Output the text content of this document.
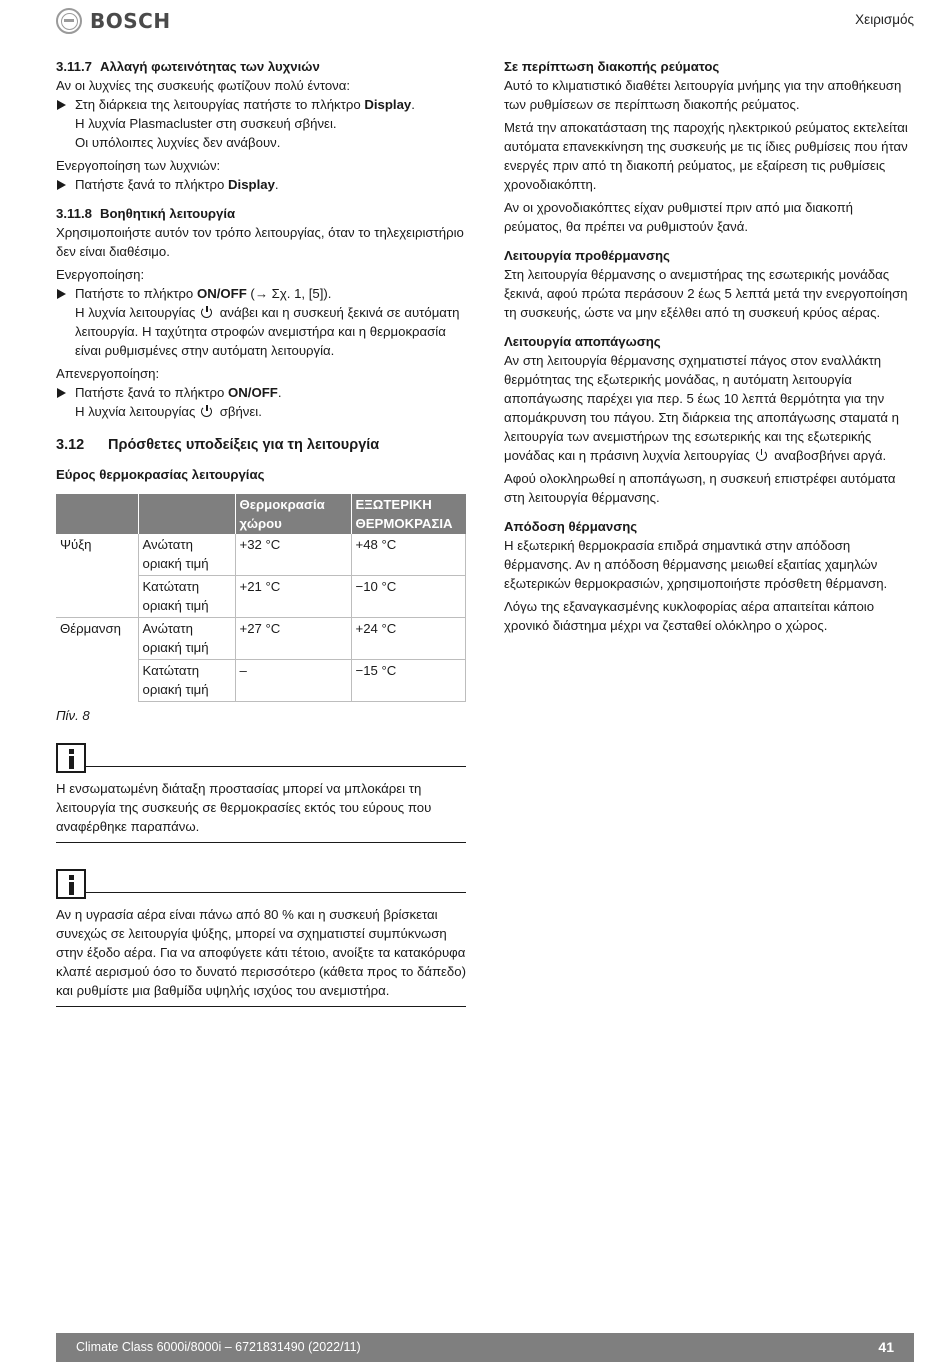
BOSCH	Χειρισμός

3.11.7 Αλλαγή φωτεινότητας των λυχνιών

Αν οι λυχνίες της συσκευής φωτίζουν πολύ έντονα:

Στη διάρκεια της λειτουργίας πατήστε το πλήκτρο Display.

Η λυχνία Plasmacluster στη συσκευή σβήνει.

Οι υπόλοιπες λυχνίες δεν ανάβουν.

Ενεργοποίηση των λυχνιών:

Πατήστε ξανά το πλήκτρο Display.

3.11.8 Βοηθητική λειτουργία

Χρησιμοποιήστε αυτόν τον τρόπο λειτουργίας, όταν το τηλεχειριστήριο δεν είναι διαθέσιμο.

Ενεργοποίηση:

Πατήστε το πλήκτρο ON/OFF (→ Σχ. 1, [5]).

Η λυχνία λειτουργίας  ανάβει και η συσκευή ξεκινά σε αυτόματη λειτουργία. Η ταχύτητα στροφών ανεμιστήρα και η θερμοκρασία είναι ρυθμισμένες στην αυτόματη λειτουργία.

Απενεργοποίηση:

Πατήστε ξανά το πλήκτρο ON/OFF.

Η λυχνία λειτουργίας  σβήνει.

3.12 Πρόσθετες υποδείξεις για τη λειτουργία

Εύρος θερμοκρασίας λειτουργίας

		Θερμοκρασία χώρου	ΕΞΩΤΕΡΙΚΗ ΘΕΡΜΟΚΡΑΣΙΑ
Ψύξη	Ανώτατη οριακή τιμή	+32 °C	+48 °C
	Κατώτατη οριακή τιμή	+21 °C	−10 °C
Θέρμανση	Ανώτατη οριακή τιμή	+27 °C	+24 °C
	Κατώτατη οριακή τιμή	–	−15 °C

Πίν. 8

Η ενσωματωμένη διάταξη προστασίας μπορεί να μπλοκάρει τη λειτουργία της συσκευής σε θερμοκρασίες εκτός του εύρους που αναφέρθηκε παραπάνω.

Αν η υγρασία αέρα είναι πάνω από 80 % και η συσκευή βρίσκεται συνεχώς σε λειτουργία ψύξης, μπορεί να σχηματιστεί συμπύκνωση στην έξοδο αέρα. Για να αποφύγετε κάτι τέτοιο, ανοίξτε τα κατακόρυφα κλαπέ αερισμού όσο το δυνατό περισσότερο (κάθετα προς το δάπεδο) και ρυθμίστε μια βαθμίδα υψηλής ισχύος του ανεμιστήρα.

Σε περίπτωση διακοπής ρεύματος

Αυτό το κλιματιστικό διαθέτει λειτουργία μνήμης για την αποθήκευση των ρυθμίσεων σε περίπτωση διακοπής ρεύματος.

Μετά την αποκατάσταση της παροχής ηλεκτρικού ρεύματος εκτελείται αυτόματα επανεκκίνηση της συσκευής με τις ίδιες ρυθμίσεις που ήταν ενεργές πριν από τη διακοπή ρεύματος, με εξαίρεση τις ρυθμίσεις χρονοδιακόπτη.

Αν οι χρονοδιακόπτες είχαν ρυθμιστεί πριν από μια διακοπή ρεύματος, θα πρέπει να ρυθμιστούν ξανά.

Λειτουργία προθέρμανσης

Στη λειτουργία θέρμανσης ο ανεμιστήρας της εσωτερικής μονάδας ξεκινά, αφού πρώτα περάσουν 2 έως 5 λεπτά μετά την ενεργοποίηση τη συσκευής, ώστε να μην εξέλθει από τη συσκευή κρύος αέρας.

Λειτουργία αποπάγωσης

Αν στη λειτουργία θέρμανσης σχηματιστεί πάγος στον εναλλάκτη θερμότητας της εξωτερικής μονάδας, η αυτόματη λειτουργία αποπάγωσης παρέχει για περ. 5 έως 10 λεπτά θερμότητα για την απομάκρυνση του πάγου. Στη διάρκεια της αποπάγωσης σταματά η λειτουργία των ανεμιστήρων της εσωτερικής και της εξωτερικής μονάδας και η πράσινη λυχνία λειτουργίας  αναβοσβήνει αργά.

Αφού ολοκληρωθεί η αποπάγωση, η συσκευή επιστρέφει αυτόματα στη λειτουργία θέρμανσης.

Απόδοση θέρμανσης

Η εξωτερική θερμοκρασία επιδρά σημαντικά στην απόδοση θέρμανσης. Αν η απόδοση θέρμανσης μειωθεί εξαιτίας χαμηλών εξωτερικών θερμοκρασιών, χρησιμοποιήστε πρόσθετη θέρμανση.

Λόγω της εξαναγκασμένης κυκλοφορίας αέρα απαιτείται κάποιο χρονικό διάστημα μέχρι να ζεσταθεί ολόκληρο ο χώρος.

Climate Class 6000i/8000i – 6721831490 (2022/11)	41
